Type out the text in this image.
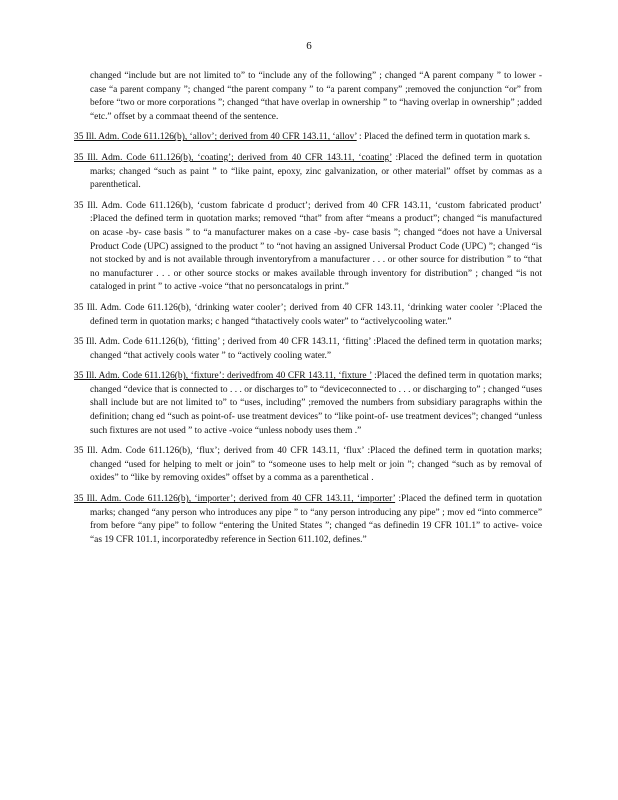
6

changed “include but are not limited to” to “include any of the following” ; changed “A parent company ” to lower -case “a parent company ”; changed “the parent company ” to “a parent company” ;removed the conjunction “or” from before “two or more corporations ”; changed “that have overlap in ownership ” to “having overlap in ownership” ;added “etc.” offset by a commaat theend of the sentence.

35 Ill. Adm. Code 611.126(b), ‘allov’; derived from 40 CFR 143.11, ‘allov’ : Placed the defined term in quotation mark s.

35 Ill. Adm. Code 611.126(b), ‘coating’; derived from 40 CFR 143.11, ‘coating’ :Placed the defined term in quotation marks; changed “such as paint ” to “like paint, epoxy, zinc galvanization, or other material” offset by commas as a parenthetical.

35 Ill. Adm. Code 611.126(b), ‘custom fabricate d product’; derived from 40 CFR 143.11, ‘custom fabricated product’ :Placed the defined term in quotation marks; removed “that” from after “means a product”; changed “is manufactured on acase -by- case basis ” to “a manufacturer makes on a case -by- case basis ”; changed “does not have a Universal Product Code (UPC) assigned to the product ” to “not having an assigned Universal Product Code (UPC) ”; changed “is not stocked by and is not available through inventoryfrom a manufacturer . . . or other source for distribution ” to “that no manufacturer . . . or other source stocks or makes available through inventory for distribution” ; changed “is not cataloged in print ” to active -voice “that no personcatalogs in print.”

35 Ill. Adm. Code 611.126(b), ‘drinking water cooler’; derived from 40 CFR 143.11, ‘drinking water cooler ’:Placed the defined term in quotation marks; c hanged “thatactively cools water” to “activelycooling water.”

35 Ill. Adm. Code 611.126(b), ‘fitting’ ; derived from 40 CFR 143.11, ‘fitting’ :Placed the defined term in quotation marks; changed “that actively cools water ” to “actively cooling water.”

35 Ill. Adm. Code 611.126(b), ‘fixture’: derivedfrom 40 CFR 143.11, ‘fixture ’ :Placed the defined term in quotation marks; changed “device that is connected to . . . or discharges to” to “deviceconnected to . . . or discharging to” ; changed “uses shall include but are not limited to” to “uses, including” ;removed the numbers from subsidiary paragraphs within the definition; chang ed “such as point-of- use treatment devices” to “like point-of- use treatment devices”; changed “unless such fixtures are not used ” to active -voice “unless nobody uses them .”

35 Ill. Adm. Code 611.126(b), ‘flux’; derived from 40 CFR 143.11, ‘flux’ :Placed the defined term in quotation marks; changed “used for helping to melt or join” to “someone uses to help melt or join ”; changed “such as by removal of oxides” to “like by removing oxides” offset by a comma as a parenthetical .

35 Ill. Adm. Code 611.126(b), ‘importer’; derived from 40 CFR 143.11, ‘importer’ :Placed the defined term in quotation marks; changed “any person who introduces any pipe ” to “any person introducing any pipe” ; mov ed “into commerce” from before “any pipe” to follow “entering the United States ”; changed “as definedin 19 CFR 101.1” to active- voice “as 19 CFR 101.1, incorporatedby reference in Section 611.102, defines.”
